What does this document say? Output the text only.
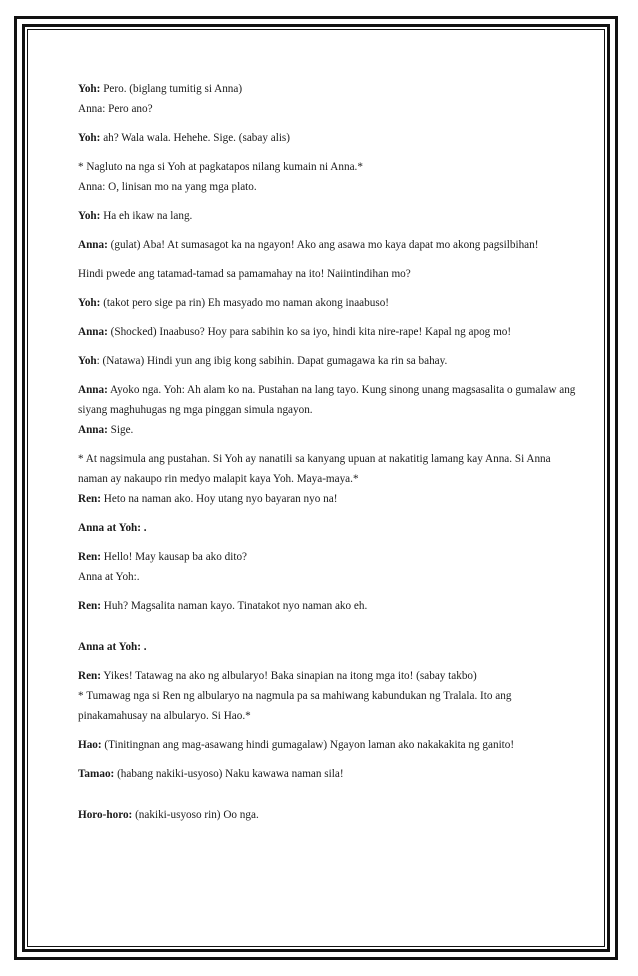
Yoh: Pero. (biglang tumitig si Anna)
Anna: Pero ano?

Yoh: ah? Wala wala. Hehehe. Sige. (sabay alis)

* Nagluto na nga si Yoh at pagkatapos nilang kumain ni Anna.*
Anna: O, linisan mo na yang mga plato.

Yoh: Ha eh ikaw na lang.

Anna: (gulat) Aba! At sumasagot ka na ngayon! Ako ang asawa mo kaya dapat mo akong pagsilbihan!

Hindi pwede ang tatamad-tamad sa pamamahay na ito! Naiintindihan mo?

Yoh: (takot pero sige pa rin) Eh masyado mo naman akong inaabuso!

Anna: (Shocked) Inaabuso? Hoy para sabihin ko sa iyo, hindi kita nire-rape! Kapal ng apog mo!

Yoh: (Natawa) Hindi yun ang ibig kong sabihin. Dapat gumagawa ka rin sa bahay.

Anna: Ayoko nga. Yoh: Ah alam ko na. Pustahan na lang tayo. Kung sinong unang magsasalita o gumalaw ang siyang maghuhugas ng mga pinggan simula ngayon.
Anna: Sige.

* At nagsimula ang pustahan. Si Yoh ay nanatili sa kanyang upuan at nakatitig lamang kay Anna. Si Anna naman ay nakaupo rin medyo malapit kaya Yoh. Maya-maya.*
Ren: Heto na naman ako. Hoy utang nyo bayaran nyo na!

Anna at Yoh: .

Ren: Hello! May kausap ba ako dito?
Anna at Yoh:.

Ren: Huh? Magsalita naman kayo. Tinatakot nyo naman ako eh.

Anna at Yoh: .

Ren: Yikes! Tatawag na ako ng albularyo! Baka sinapian na itong mga ito! (sabay takbo)
* Tumawag nga si Ren ng albularyo na nagmula pa sa mahiwang kabundukan ng Tralala. Ito ang pinakamahusay na albularyo. Si Hao.*

Hao: (Tinitingnan ang mag-asawang hindi gumagalaw) Ngayon laman ako nakakakita ng ganito!

Tamao: (habang nakiki-usyoso) Naku kawawa naman sila!

Horo-horo: (nakiki-usyoso rin) Oo nga.
